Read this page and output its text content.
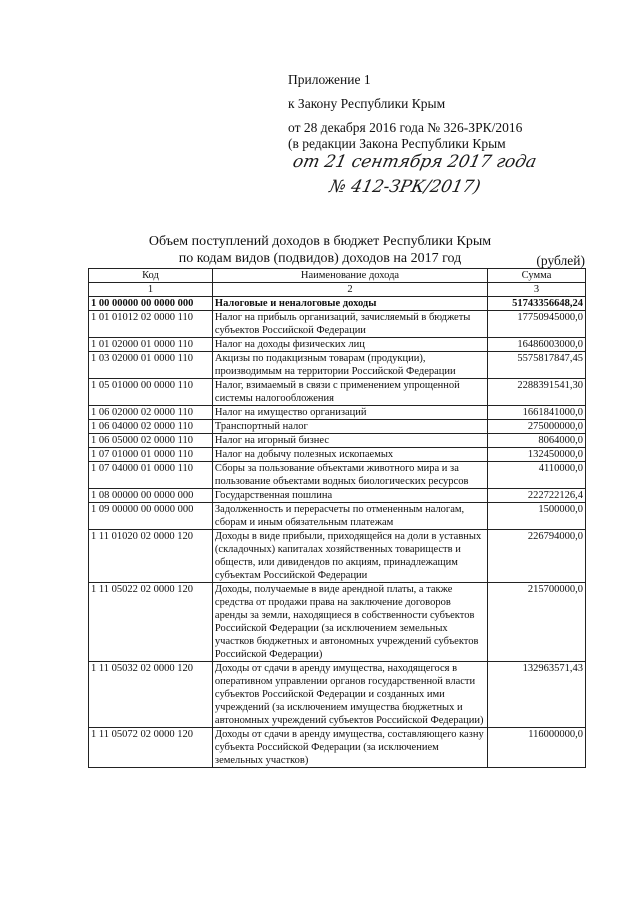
Приложение 1
к Закону Республики Крым
от 28 декабря 2016 года № 326-ЗРК/2016
(в редакции Закона Республики Крым
от 21 сентября 2017 года
№ 412-ЗРК/2017)
Объем поступлений доходов в бюджет Республики Крым
по кодам видов (подвидов) доходов на 2017 год	(рублей)
Код	Наименование дохода	Сумма
1	2	3
1 00 00000 00 0000 000	Налоговые и неналоговые доходы	51743356648,24
1 01 01012 02 0000 110	Налог на прибыль организаций, зачисляемый в бюджеты субъектов Российской Федерации	17750945000,0
1 01 02000 01 0000 110	Налог на доходы физических лиц	16486003000,0
1 03 02000 01 0000 110	Акцизы по подакцизным товарам (продукции), производимым на территории Российской Федерации	5575817847,45
1 05 01000 00 0000 110	Налог, взимаемый в связи с применением упрощенной системы налогообложения	2288391541,30
1 06 02000 02 0000 110	Налог на имущество организаций	1661841000,0
1 06 04000 02 0000 110	Транспортный налог	275000000,0
1 06 05000 02 0000 110	Налог на игорный бизнес	8064000,0
1 07 01000 01 0000 110	Налог на добычу полезных ископаемых	132450000,0
1 07 04000 01 0000 110	Сборы за пользование объектами животного мира и за пользование объектами водных биологических ресурсов	4110000,0
1 08 00000 00 0000 000	Государственная пошлина	222722126,4
1 09 00000 00 0000 000	Задолженность и перерасчеты по отмененным налогам, сборам и иным обязательным платежам	1500000,0
1 11 01020 02 0000 120	Доходы в виде прибыли, приходящейся на доли в уставных (складочных) капиталах хозяйственных товариществ и обществ, или дивидендов по акциям, принадлежащим субъектам Российской Федерации	226794000,0
1 11 05022 02 0000 120	Доходы, получаемые в виде арендной платы, а также средства от продажи права на заключение договоров аренды за земли, находящиеся в собственности субъектов Российской Федерации (за исключением земельных участков бюджетных и автономных учреждений субъектов Российской Федерации)	215700000,0
1 11 05032 02 0000 120	Доходы от сдачи в аренду имущества, находящегося в оперативном управлении органов государственной власти субъектов Российской Федерации и созданных ими учреждений (за исключением имущества бюджетных и автономных учреждений субъектов Российской Федерации)	132963571,43
1 11 05072 02 0000 120	Доходы от сдачи в аренду имущества, составляющего казну субъекта Российской Федерации (за исключением земельных участков)	116000000,0
